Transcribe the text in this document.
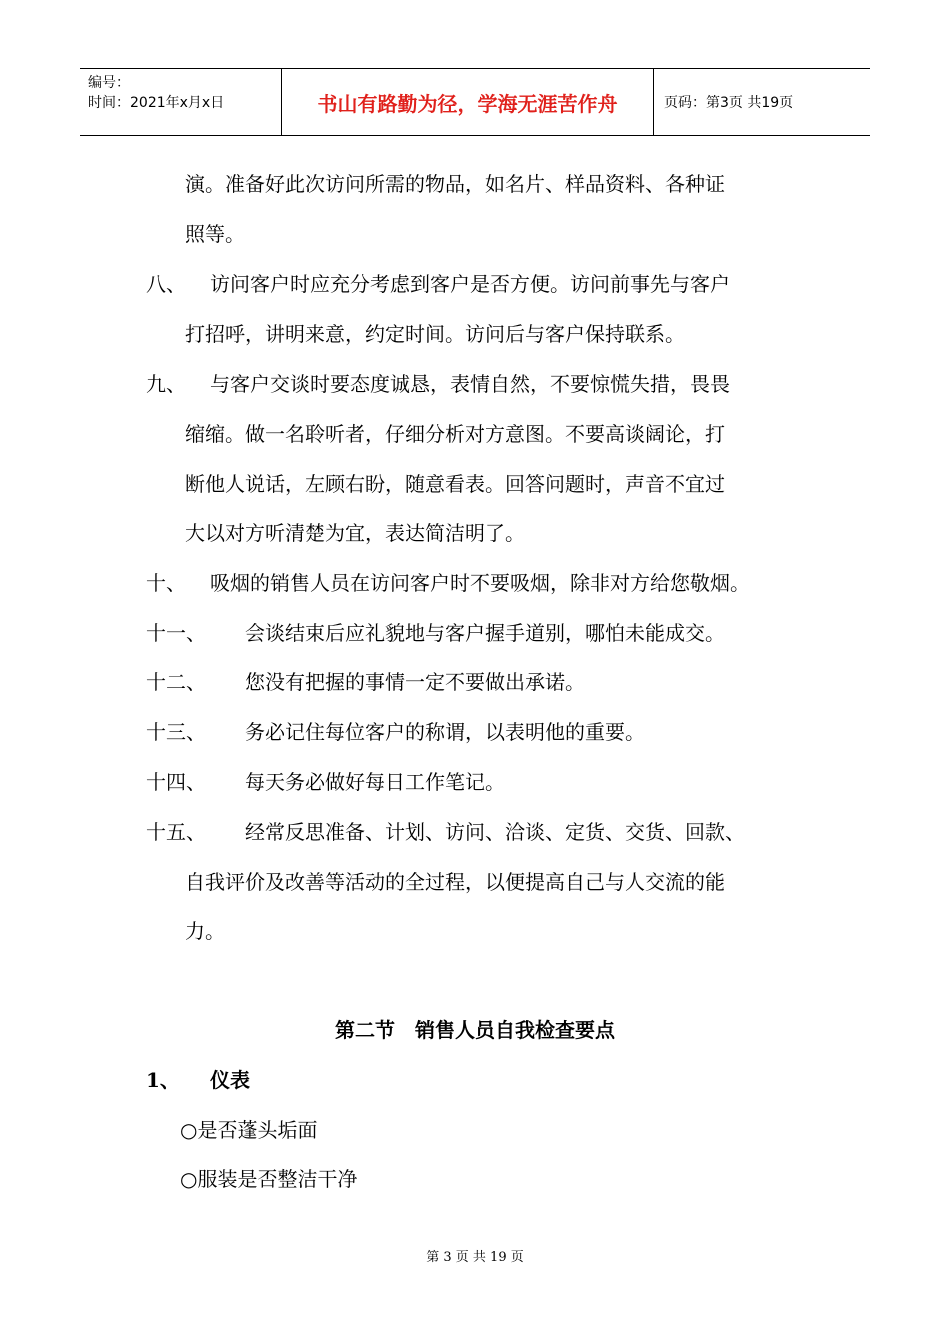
编号：
时间：2021年x月x日	书山有路勤为径，学海无涯苦作舟	页码：第3页 共19页
演。准备好此次访问所需的物品，如名片、样品资料、各种证
照等。
八、 访问客户时应充分考虑到客户是否方便。访问前事先与客户
打招呼，讲明来意，约定时间。访问后与客户保持联系。
九、 与客户交谈时要态度诚恳，表情自然，不要惊慌失措，畏畏
缩缩。做一名聆听者，仔细分析对方意图。不要高谈阔论，打
断他人说话，左顾右盼，随意看表。回答问题时，声音不宜过
大以对方听清楚为宜，表达简洁明了。
十、 吸烟的销售人员在访问客户时不要吸烟，除非对方给您敬烟。
十一、 会谈结束后应礼貌地与客户握手道别，哪怕未能成交。
十二、 您没有把握的事情一定不要做出承诺。
十三、 务必记住每位客户的称谓，以表明他的重要。
十四、 每天务必做好每日工作笔记。
十五、 经常反思准备、计划、访问、洽谈、定货、交货、回款、
自我评价及改善等活动的全过程，以便提高自己与人交流的能
力。
第二节　销售人员自我检查要点
1、 仪表
○是否蓬头垢面
○服装是否整洁干净
第 3 页 共 19 页
